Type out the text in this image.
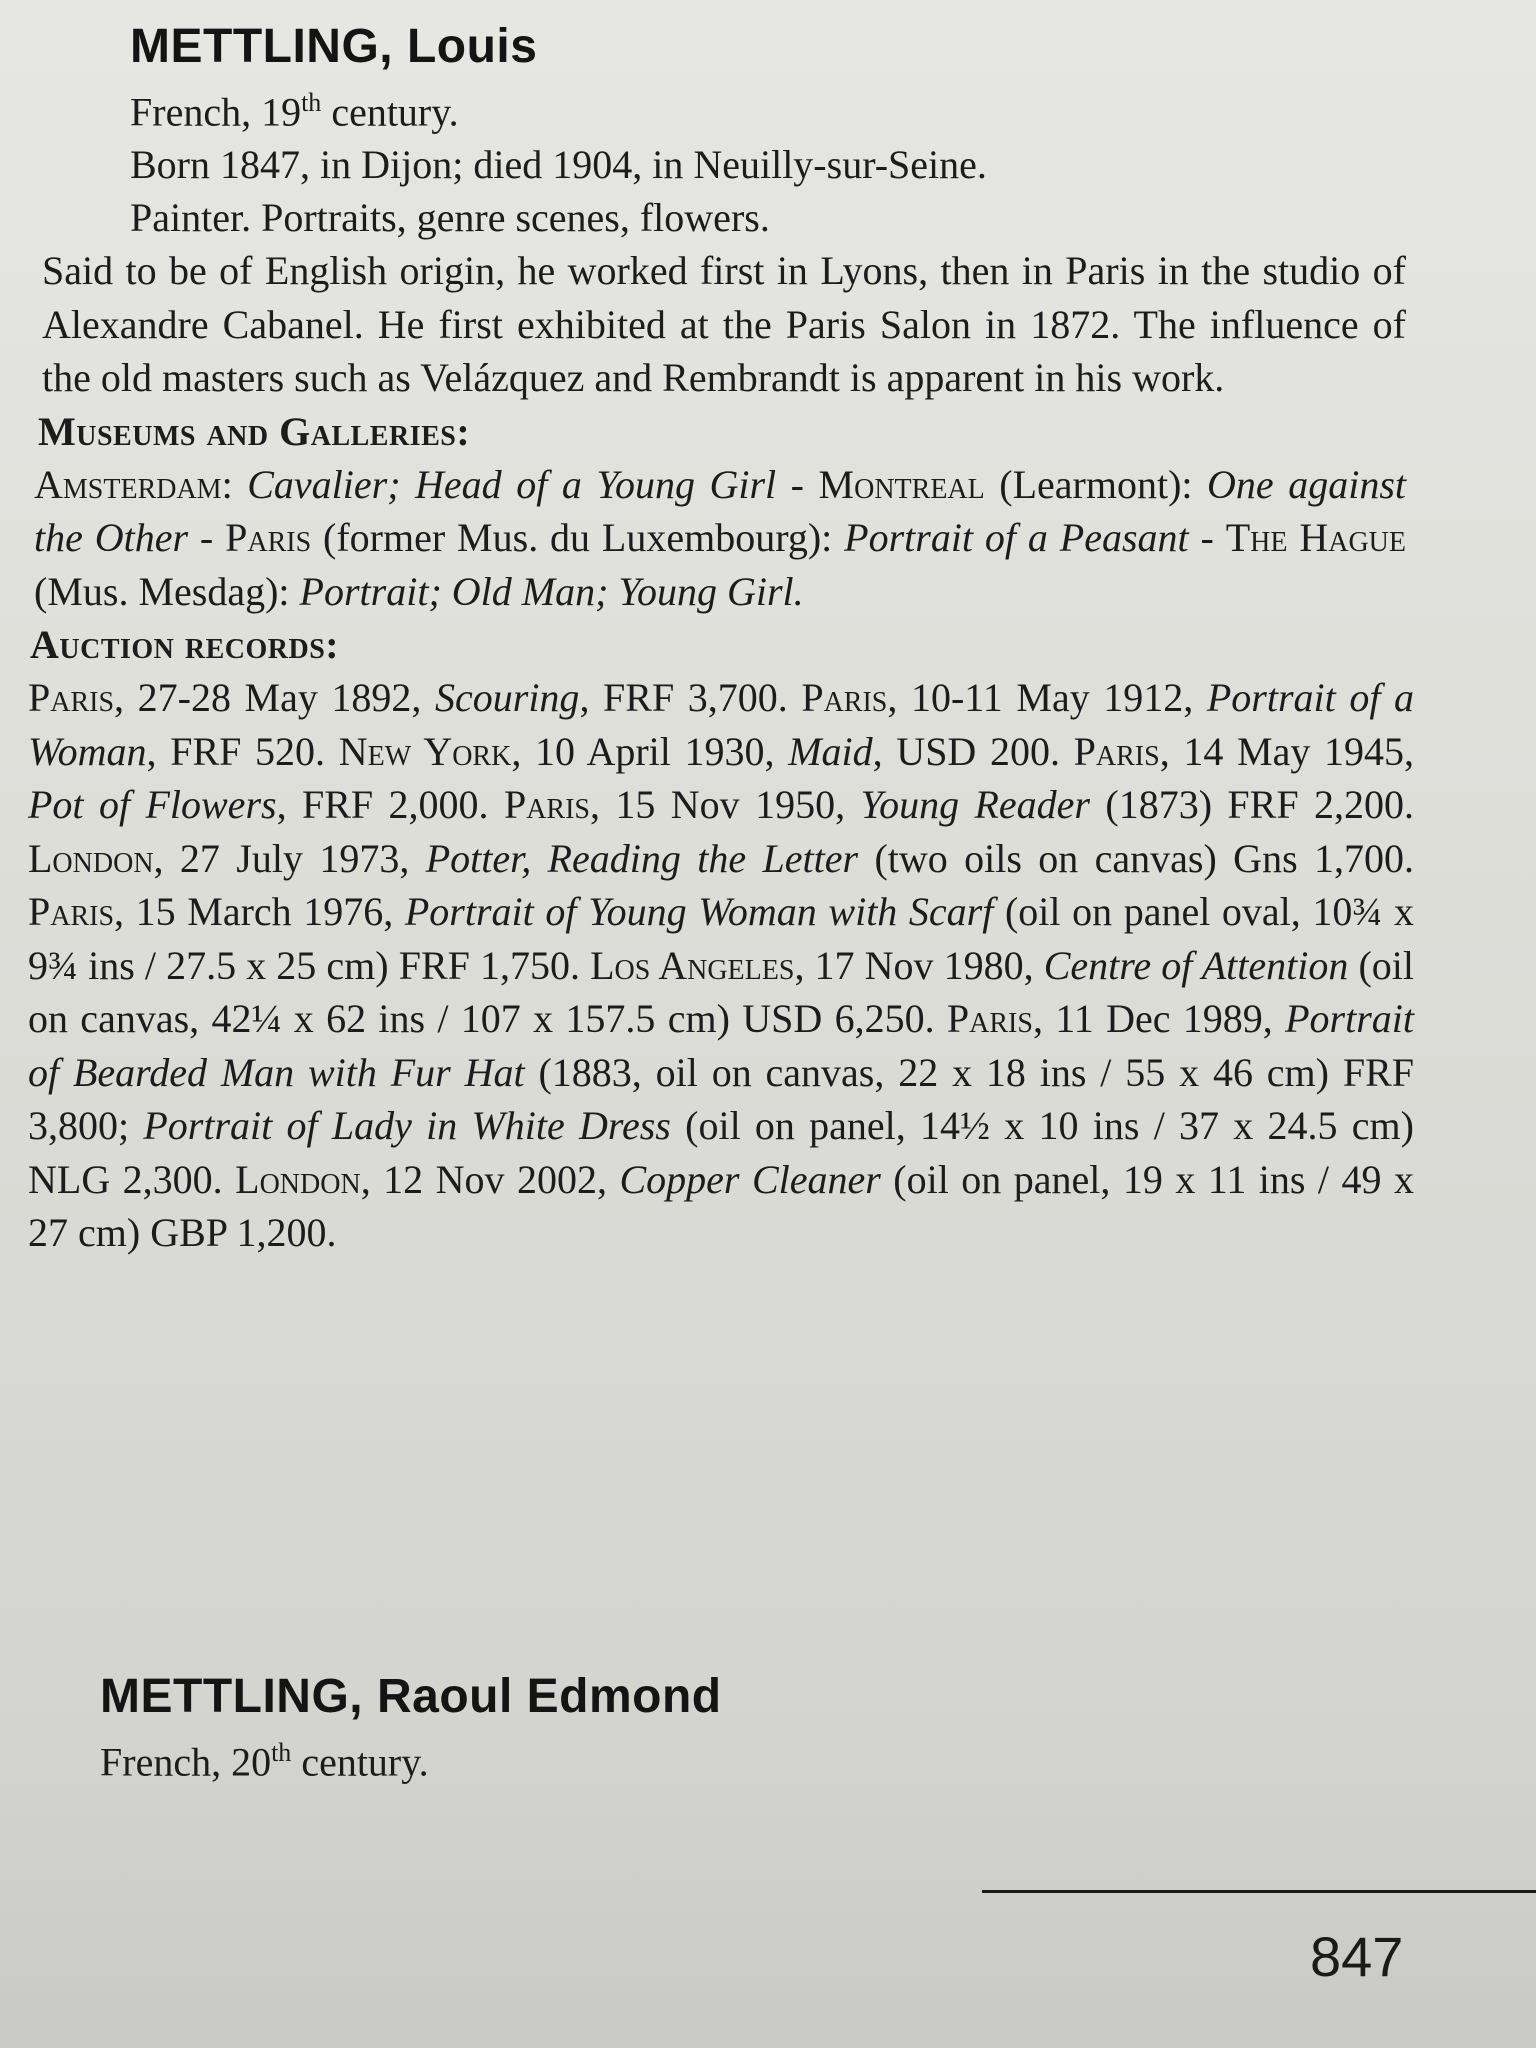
METTLING, Louis
French, 19th century.
Born 1847, in Dijon; died 1904, in Neuilly-sur-Seine.
Painter. Portraits, genre scenes, flowers.
Said to be of English origin, he worked first in Lyons, then in Paris in the studio of Alexandre Cabanel. He first exhibited at the Paris Salon in 1872. The influence of the old masters such as Velázquez and Rembrandt is apparent in his work.
Museums and Galleries:
Amsterdam: Cavalier; Head of a Young Girl - Montreal (Learmont): One against the Other - Paris (former Mus. du Luxembourg): Portrait of a Peasant - The Hague (Mus. Mesdag): Portrait; Old Man; Young Girl.
Auction records:
Paris, 27-28 May 1892, Scouring, FRF 3,700. Paris, 10-11 May 1912, Portrait of a Woman, FRF 520. New York, 10 April 1930, Maid, USD 200. Paris, 14 May 1945, Pot of Flowers, FRF 2,000. Paris, 15 Nov 1950, Young Reader (1873) FRF 2,200. London, 27 July 1973, Potter, Reading the Letter (two oils on canvas) Gns 1,700. Paris, 15 March 1976, Portrait of Young Woman with Scarf (oil on panel oval, 10¾ x 9¾ ins / 27.5 x 25 cm) FRF 1,750. Los Angeles, 17 Nov 1980, Centre of Attention (oil on canvas, 42¼ x 62 ins / 107 x 157.5 cm) USD 6,250. Paris, 11 Dec 1989, Portrait of Bearded Man with Fur Hat (1883, oil on canvas, 22 x 18 ins / 55 x 46 cm) FRF 3,800; Portrait of Lady in White Dress (oil on panel, 14½ x 10 ins / 37 x 24.5 cm) NLG 2,300. London, 12 Nov 2002, Copper Cleaner (oil on panel, 19 x 11 ins / 49 x 27 cm) GBP 1,200.
METTLING, Raoul Edmond
French, 20th century.
847
